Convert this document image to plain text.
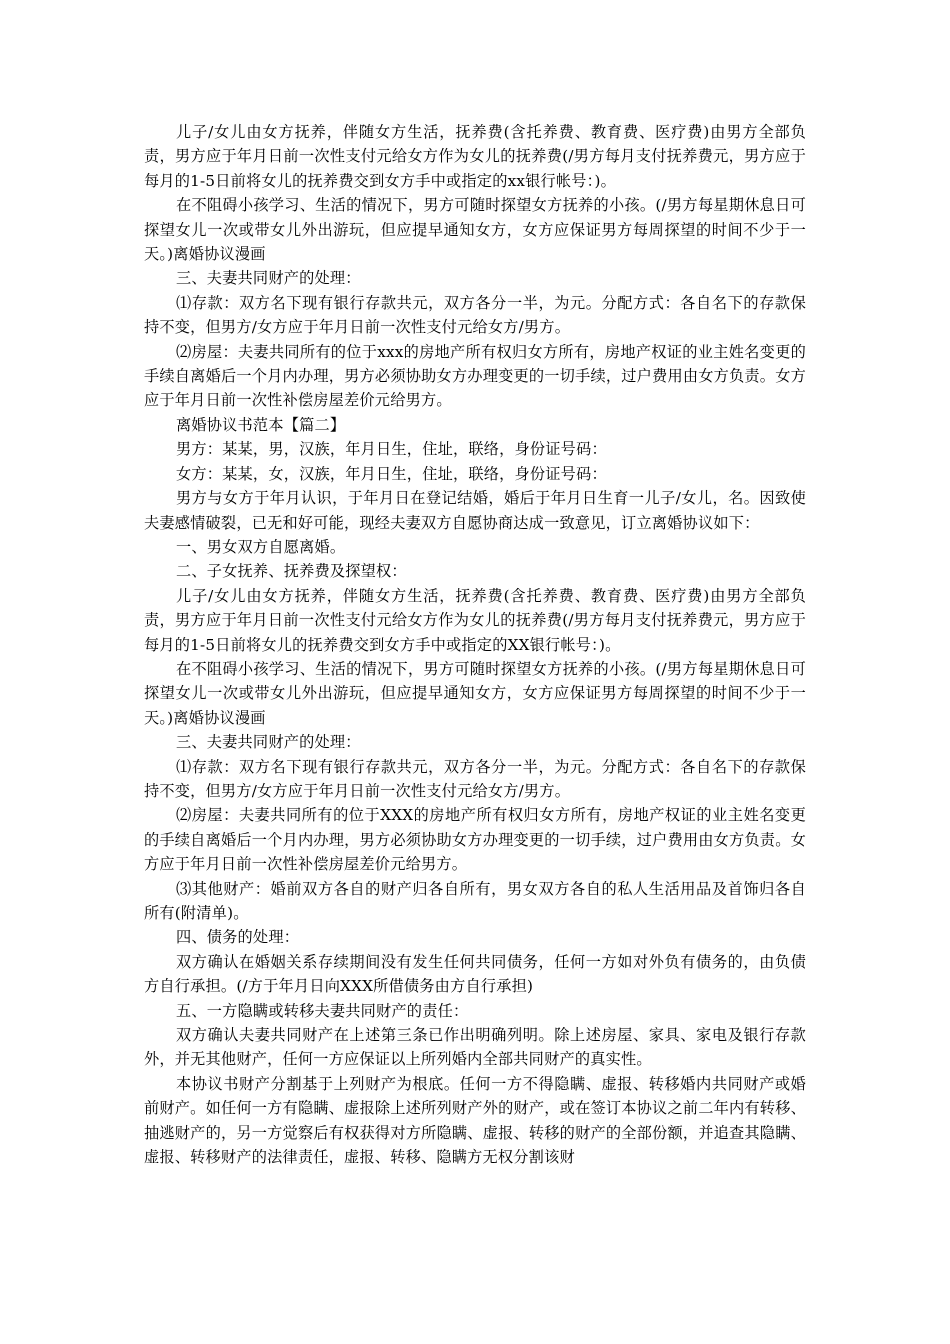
儿子/女儿由女方抚养，伴随女方生活，抚养费(含托养费、教育费、医疗费)由男方全部负责，男方应于年月日前一次性支付元给女方作为女儿的抚养费(/男方每月支付抚养费元，男方应于每月的1-5日前将女儿的抚养费交到女方手中或指定的xx银行帐号：)。

在不阻碍小孩学习、生活的情况下，男方可随时探望女方抚养的小孩。(/男方每星期休息日可探望女儿一次或带女儿外出游玩，但应提早通知女方，女方应保证男方每周探望的时间不少于一天。)离婚协议漫画

三、夫妻共同财产的处理：

⑴存款：双方名下现有银行存款共元，双方各分一半，为元。分配方式：各自名下的存款保持不变，但男方/女方应于年月日前一次性支付元给女方/男方。

⑵房屋：夫妻共同所有的位于xxx的房地产所有权归女方所有，房地产权证的业主姓名变更的手续自离婚后一个月内办理，男方必须协助女方办理变更的一切手续，过户费用由女方负责。女方应于年月日前一次性补偿房屋差价元给男方。

离婚协议书范本【篇二】

男方：某某，男，汉族，年月日生，住址，联络，身份证号码：

女方：某某，女，汉族，年月日生，住址，联络，身份证号码：

男方与女方于年月认识，于年月日在登记结婚，婚后于年月日生育一儿子/女儿，名。因致使夫妻感情破裂，已无和好可能，现经夫妻双方自愿协商达成一致意见，订立离婚协议如下：

一、男女双方自愿离婚。

二、子女抚养、抚养费及探望权：

儿子/女儿由女方抚养，伴随女方生活，抚养费(含托养费、教育费、医疗费)由男方全部负责，男方应于年月日前一次性支付元给女方作为女儿的抚养费(/男方每月支付抚养费元，男方应于每月的1-5日前将女儿的抚养费交到女方手中或指定的XX银行帐号：)。

在不阻碍小孩学习、生活的情况下，男方可随时探望女方抚养的小孩。(/男方每星期休息日可探望女儿一次或带女儿外出游玩，但应提早通知女方，女方应保证男方每周探望的时间不少于一天。)离婚协议漫画

三、夫妻共同财产的处理：

⑴存款：双方名下现有银行存款共元，双方各分一半，为元。分配方式：各自名下的存款保持不变，但男方/女方应于年月日前一次性支付元给女方/男方。

⑵房屋：夫妻共同所有的位于XXX的房地产所有权归女方所有，房地产权证的业主姓名变更的手续自离婚后一个月内办理，男方必须协助女方办理变更的一切手续，过户费用由女方负责。女方应于年月日前一次性补偿房屋差价元给男方。

⑶其他财产：婚前双方各自的财产归各自所有，男女双方各自的私人生活用品及首饰归各自所有(附清单)。

四、债务的处理：

双方确认在婚姻关系存续期间没有发生任何共同债务，任何一方如对外负有债务的，由负债方自行承担。(/方于年月日向XXX所借债务由方自行承担)

五、一方隐瞒或转移夫妻共同财产的责任：

双方确认夫妻共同财产在上述第三条已作出明确列明。除上述房屋、家具、家电及银行存款外，并无其他财产，任何一方应保证以上所列婚内全部共同财产的真实性。

本协议书财产分割基于上列财产为根底。任何一方不得隐瞒、虚报、转移婚内共同财产或婚前财产。如任何一方有隐瞒、虚报除上述所列财产外的财产，或在签订本协议之前二年内有转移、抽逃财产的，另一方觉察后有权获得对方所隐瞒、虚报、转移的财产的全部份额，并追查其隐瞒、虚报、转移财产的法律责任，虚报、转移、隐瞒方无权分割该财
